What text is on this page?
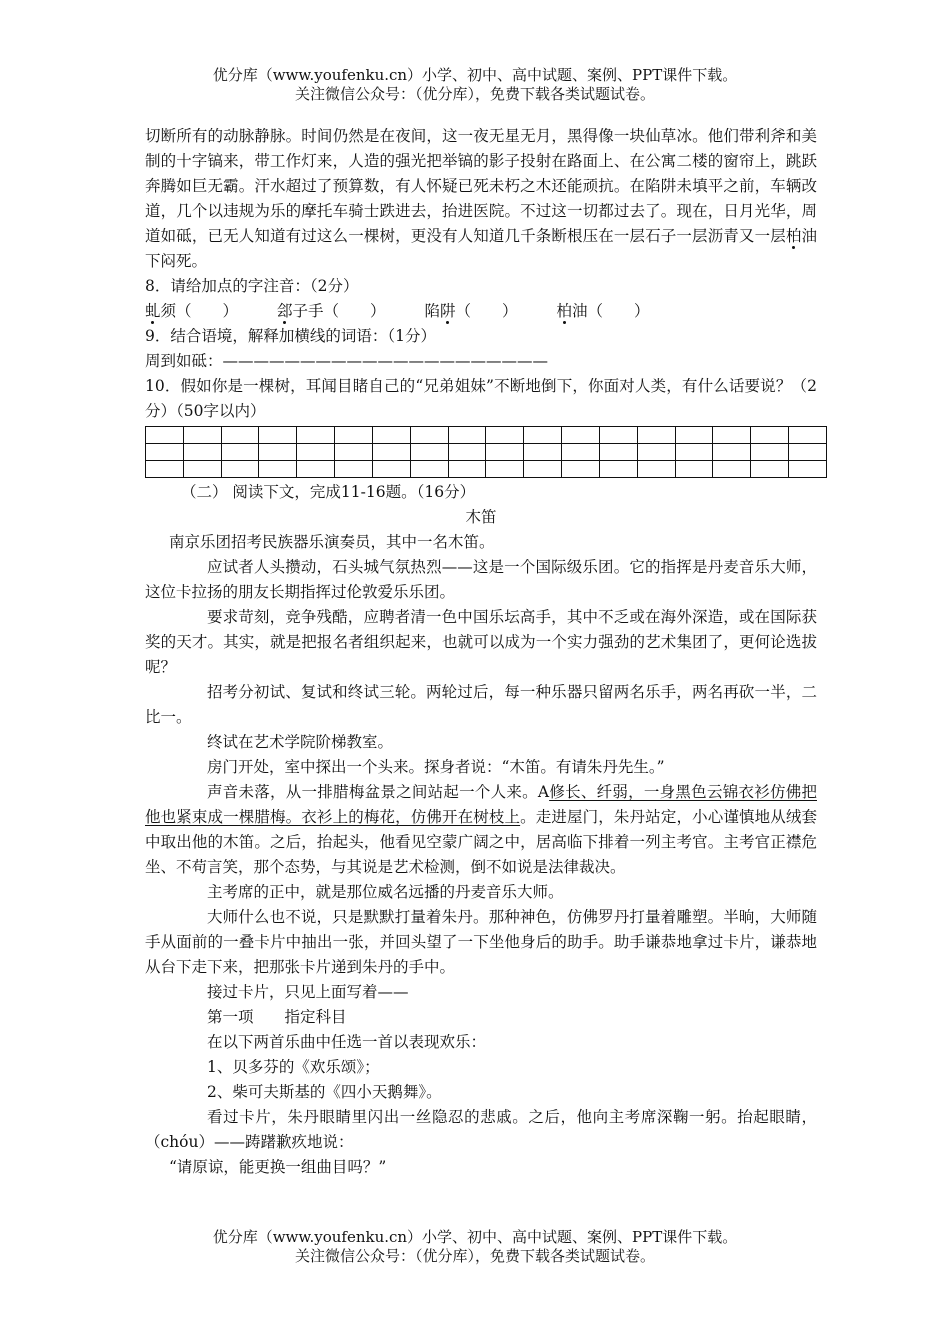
优分库（www.youfenku.cn）小学、初中、高中试题、案例、PPT课件下载。
关注微信公众号：（优分库），免费下载各类试题试卷。

切断所有的动脉静脉。时间仍然是在夜间，这一夜无星无月，黑得像一块仙草冰。他们带利斧和美制的十字镐来，带工作灯来，人造的强光把举镐的影子投射在路面上、在公寓二楼的窗帘上，跳跃奔腾如巨无霸。汗水超过了预算数，有人怀疑已死未朽之木还能顽抗。在陷阱未填平之前，车辆改道，几个以违规为乐的摩托车骑士跌进去，抬进医院。不过这一切都过去了。现在，日月光华，周道如砥，已无人知道有过这么一棵树，更没有人知道几千条断根压在一层石子一层沥青又一层柏油下闷死。

8．请给加点的字注音：（2分）

虬须（　　）	郐子手（　　）	陷阱（　　）	柏油（　　）

9．结合语境，解释加横线的词语：（1分）

周到如砥：—————————————————————

10．假如你是一棵树，耳闻目睹自己的“兄弟姐妹”不断地倒下，你面对人类，有什么话要说？（2分）（50字以内）

（二） 阅读下文，完成11-16题。（16分）

木笛

南京乐团招考民族器乐演奏员，其中一名木笛。

应试者人头攒动，石头城气氛热烈——这是一个国际级乐团。它的指挥是丹麦音乐大师，这位卡拉扬的朋友长期指挥过伦敦爱乐乐团。

要求苛刻，竞争残酷，应聘者清一色中国乐坛高手，其中不乏或在海外深造，或在国际获奖的天才。其实，就是把报名者组织起来，也就可以成为一个实力强劲的艺术集团了，更何论选拔呢？

招考分初试、复试和终试三轮。两轮过后，每一种乐器只留两名乐手，两名再砍一半，二比一。

终试在艺术学院阶梯教室。

房门开处，室中探出一个头来。探身者说：“木笛。有请朱丹先生。”

声音未落，从一排腊梅盆景之间站起一个人来。A修长、纤弱，一身黑色云锦衣衫仿佛把他也紧束成一棵腊梅。衣衫上的梅花，仿佛开在树枝上。走进屋门，朱丹站定，小心谨慎地从绒套中取出他的木笛。之后，抬起头，他看见空蒙广阔之中，居高临下排着一列主考官。主考官正襟危坐、不苟言笑，那个态势，与其说是艺术检测，倒不如说是法律裁决。

主考席的正中，就是那位威名远播的丹麦音乐大师。

大师什么也不说，只是默默打量着朱丹。那种神色，仿佛罗丹打量着雕塑。半晌，大师随手从面前的一叠卡片中抽出一张，并回头望了一下坐他身后的助手。助手谦恭地拿过卡片，谦恭地从台下走下来，把那张卡片递到朱丹的手中。

接过卡片，只见上面写着——

第一项　　指定科目

在以下两首乐曲中任选一首以表现欢乐：

1、贝多芬的《欢乐颂》；

2、柴可夫斯基的《四小天鹅舞》。

看过卡片，朱丹眼睛里闪出一丝隐忍的悲戚。之后，他向主考席深鞠一躬。抬起眼睛，（chóu）——踌躇歉疚地说：

“请原谅，能更换一组曲目吗？”

优分库（www.youfenku.cn）小学、初中、高中试题、案例、PPT课件下载。
关注微信公众号：（优分库），免费下载各类试题试卷。
